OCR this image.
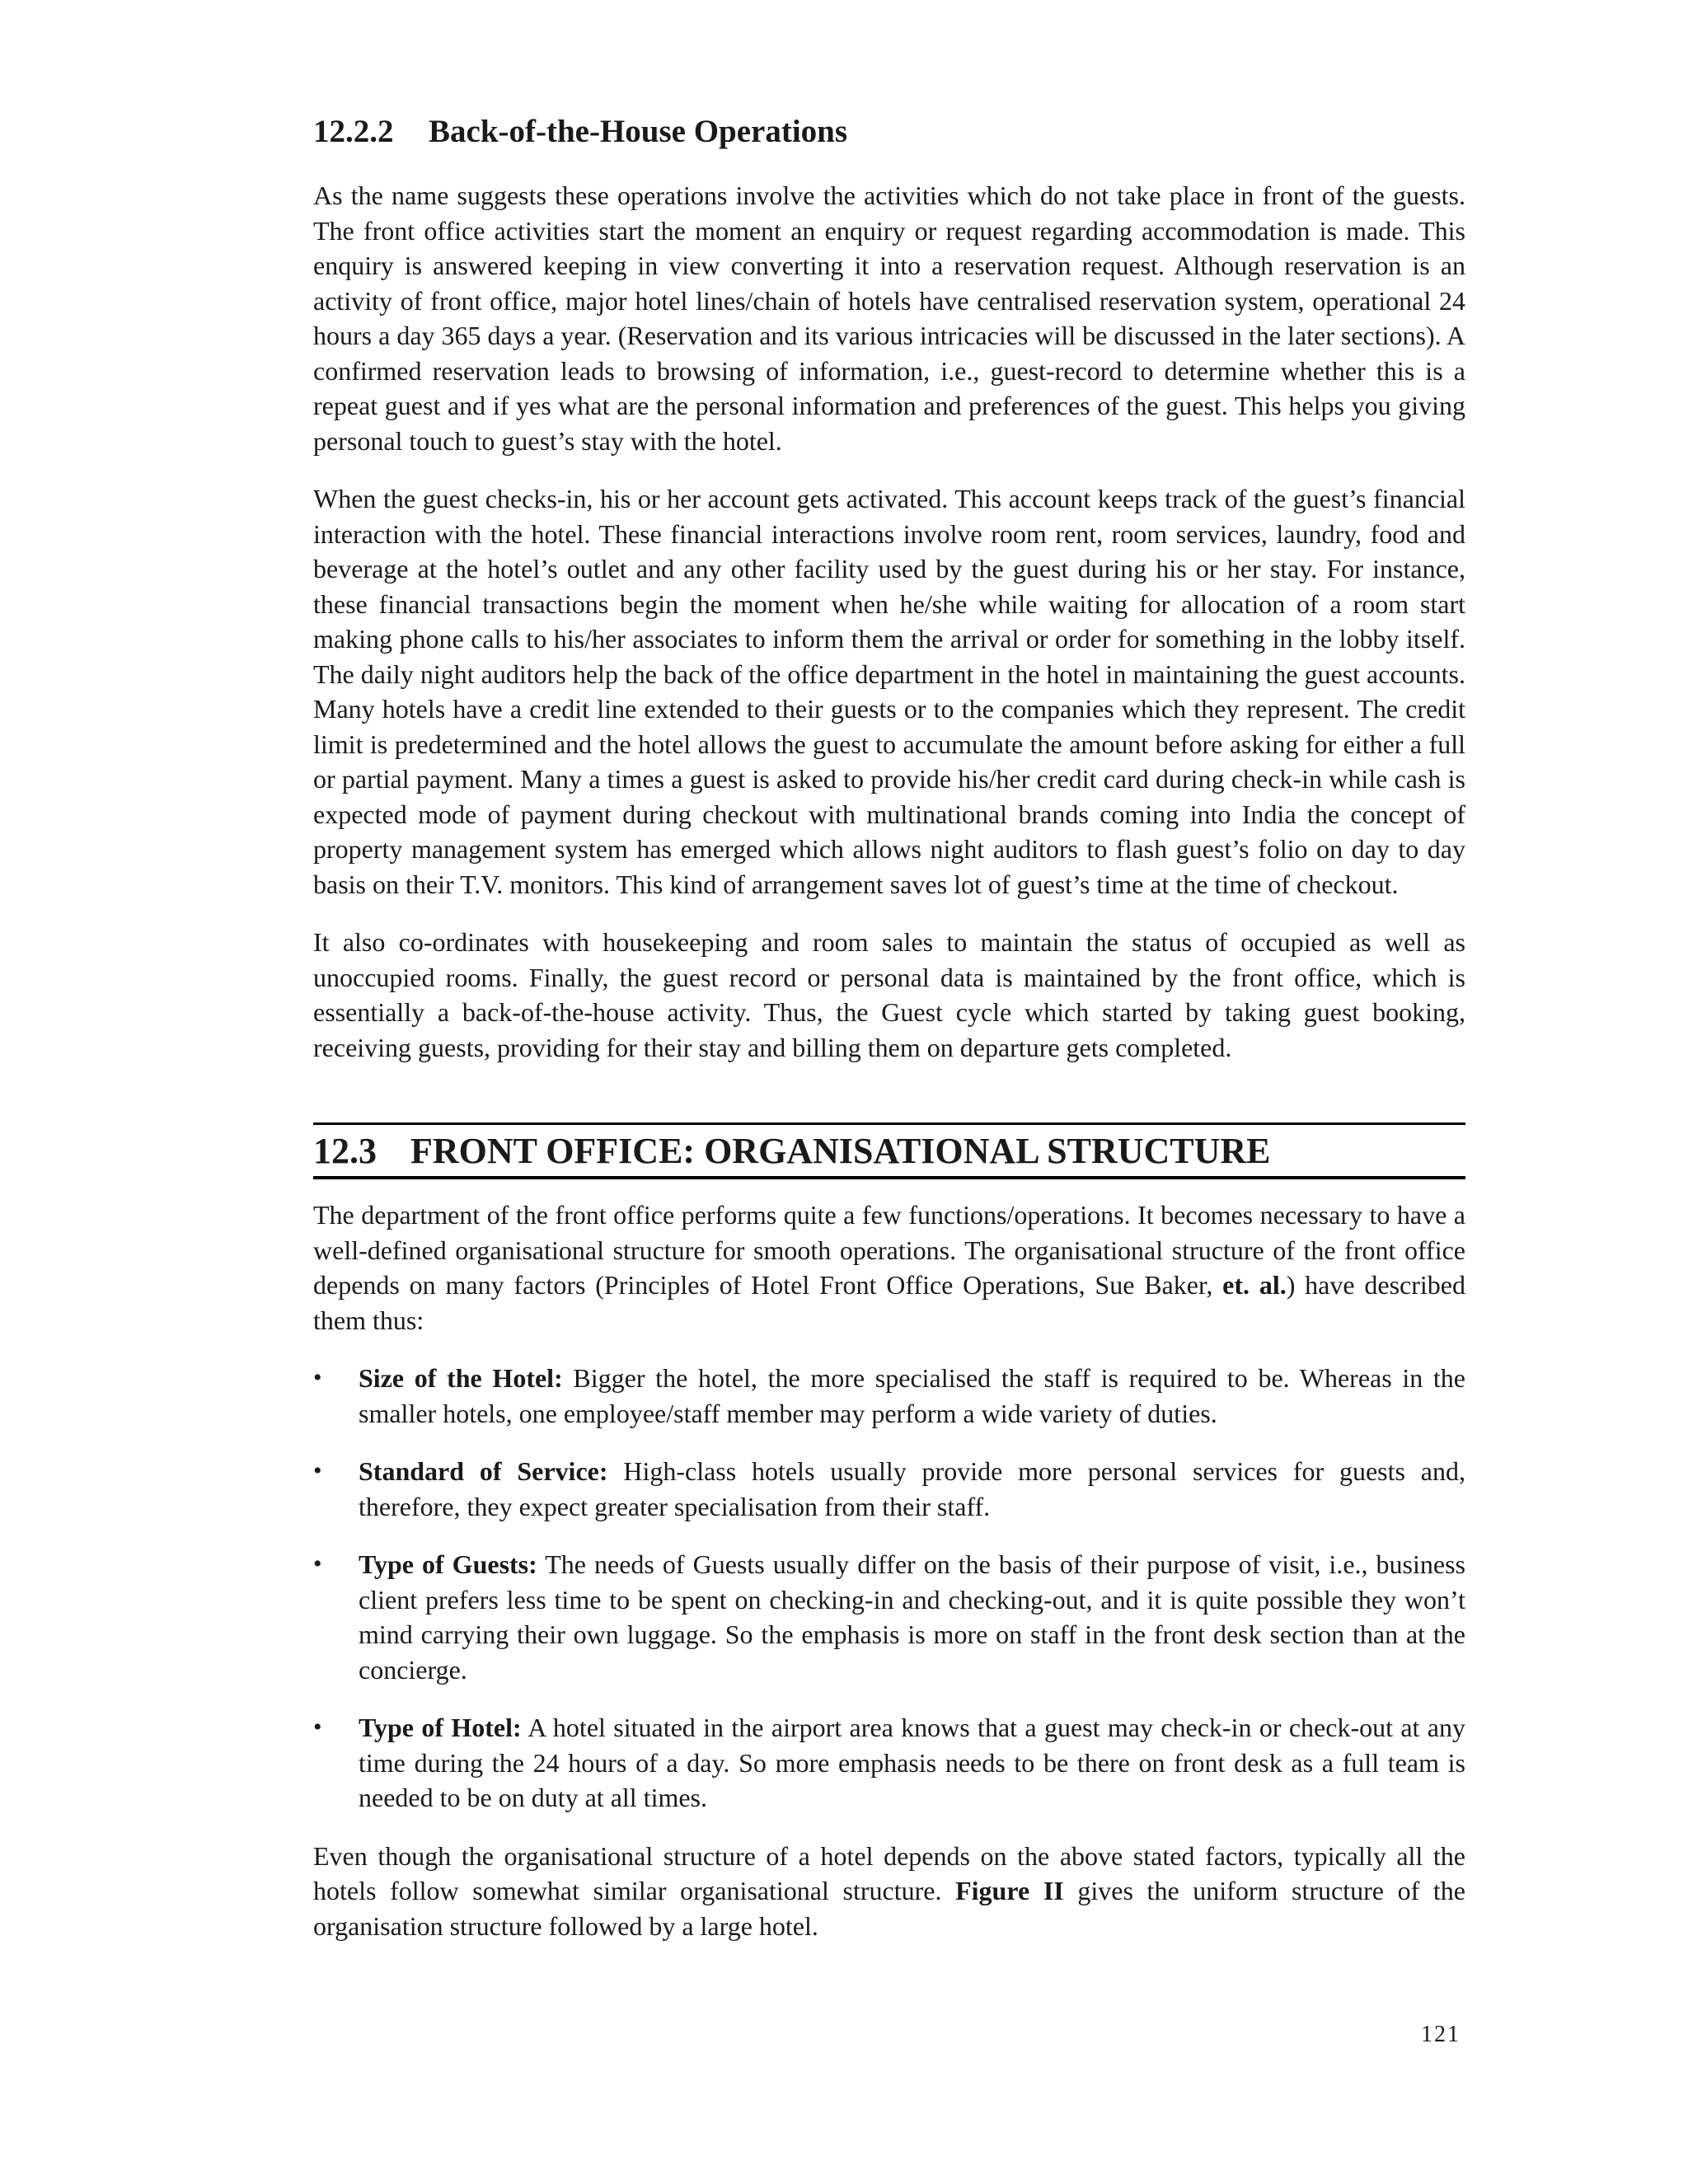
12.2.2 Back-of-the-House Operations

As the name suggests these operations involve the activities which do not take place in front of the guests. The front office activities start the moment an enquiry or request regarding accommodation is made. This enquiry is answered keeping in view converting it into a reservation request. Although reservation is an activity of front office, major hotel lines/chain of hotels have centralised reservation system, operational 24 hours a day 365 days a year. (Reservation and its various intricacies will be discussed in the later sections). A confirmed reservation leads to browsing of information, i.e., guest-record to determine whether this is a repeat guest and if yes what are the personal information and preferences of the guest. This helps you giving personal touch to guest’s stay with the hotel.

When the guest checks-in, his or her account gets activated. This account keeps track of the guest’s financial interaction with the hotel. These financial interactions involve room rent, room services, laundry, food and beverage at the hotel’s outlet and any other facility used by the guest during his or her stay. For instance, these financial transactions begin the moment when he/she while waiting for allocation of a room start making phone calls to his/her associates to inform them the arrival or order for something in the lobby itself. The daily night auditors help the back of the office department in the hotel in maintaining the guest accounts. Many hotels have a credit line extended to their guests or to the companies which they represent. The credit limit is predetermined and the hotel allows the guest to accumulate the amount before asking for either a full or partial payment. Many a times a guest is asked to provide his/her credit card during check-in while cash is expected mode of payment during checkout with multinational brands coming into India the concept of property management system has emerged which allows night auditors to flash guest’s folio on day to day basis on their T.V. monitors. This kind of arrangement saves lot of guest’s time at the time of checkout.

It also co-ordinates with housekeeping and room sales to maintain the status of occupied as well as unoccupied rooms. Finally, the guest record or personal data is maintained by the front office, which is essentially a back-of-the-house activity. Thus, the Guest cycle which started by taking guest booking, receiving guests, providing for their stay and billing them on departure gets completed.

12.3 FRONT OFFICE: ORGANISATIONAL STRUCTURE

The department of the front office performs quite a few functions/operations. It becomes necessary to have a well-defined organisational structure for smooth operations. The organisational structure of the front office depends on many factors (Principles of Hotel Front Office Operations, Sue Baker, et. al.) have described them thus:

• Size of the Hotel: Bigger the hotel, the more specialised the staff is required to be. Whereas in the smaller hotels, one employee/staff member may perform a wide variety of duties.
• Standard of Service: High-class hotels usually provide more personal services for guests and, therefore, they expect greater specialisation from their staff.
• Type of Guests: The needs of Guests usually differ on the basis of their purpose of visit, i.e., business client prefers less time to be spent on checking-in and checking-out, and it is quite possible they won’t mind carrying their own luggage. So the emphasis is more on staff in the front desk section than at the concierge.
• Type of Hotel: A hotel situated in the airport area knows that a guest may check-in or check-out at any time during the 24 hours of a day. So more emphasis needs to be there on front desk as a full team is needed to be on duty at all times.

Even though the organisational structure of a hotel depends on the above stated factors, typically all the hotels follow somewhat similar organisational structure. Figure II gives the uniform structure of the organisation structure followed by a large hotel.

121
